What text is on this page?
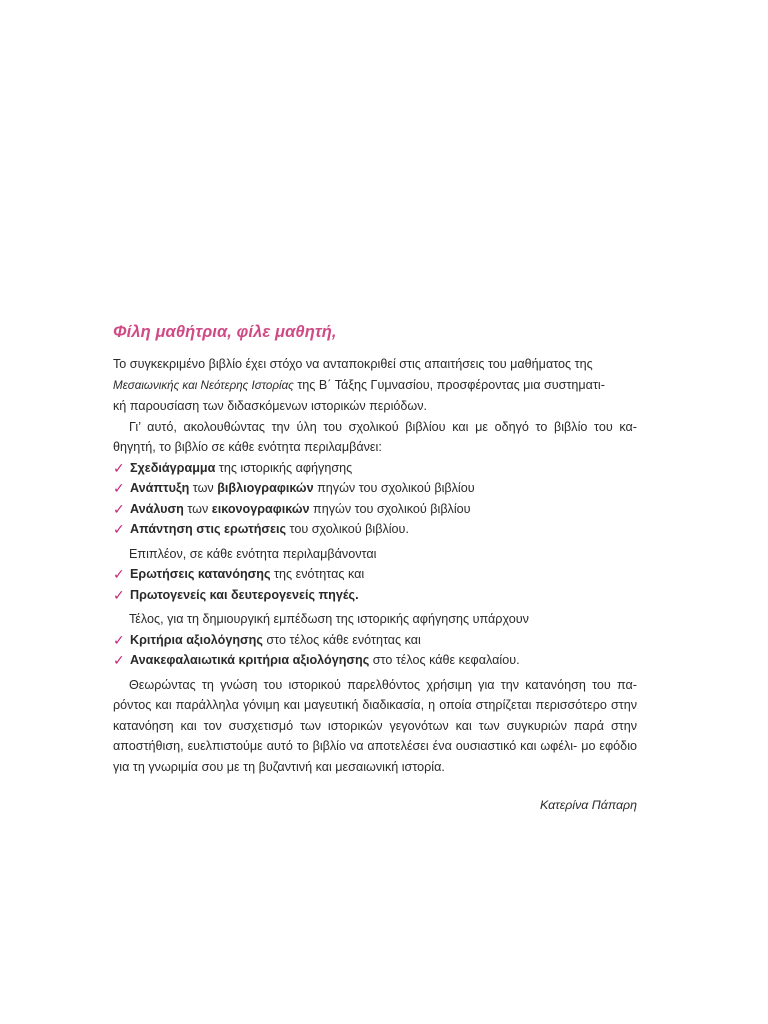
Φίλη μαθήτρια, φίλε μαθητή,

Το συγκεκριμένο βιβλίο έχει στόχο να ανταποκριθεί στις απαιτήσεις του μαθήματος της
Μεσαιωνικής και Νεότερης Ιστορίας της Β΄ Τάξης Γυμνασίου, προσφέροντας μια συστηματι-
κή παρουσίαση των διδασκόμενων ιστορικών περιόδων.

Γι’ αυτό, ακολουθώντας την ύλη του σχολικού βιβλίου και με οδηγό το βιβλίο του κα- θηγητή, το βιβλίο σε κάθε ενότητα περιλαμβάνει:

✓ Σχεδιάγραμμα της ιστορικής αφήγησης
✓ Ανάπτυξη των βιβλιογραφικών πηγών του σχολικού βιβλίου
✓ Ανάλυση των εικονογραφικών πηγών του σχολικού βιβλίου
✓ Απάντηση στις ερωτήσεις του σχολικού βιβλίου.

Επιπλέον, σε κάθε ενότητα περιλαμβάνονται

✓ Ερωτήσεις κατανόησης της ενότητας και
✓ Πρωτογενείς και δευτερογενείς πηγές.

Τέλος, για τη δημιουργική εμπέδωση της ιστορικής αφήγησης υπάρχουν

✓ Κριτήρια αξιολόγησης στο τέλος κάθε ενότητας και
✓ Ανακεφαλαιωτικά κριτήρια αξιολόγησης στο τέλος κάθε κεφαλαίου.

Θεωρώντας τη γνώση του ιστορικού παρελθόντος χρήσιμη για την κατανόηση του πα- ρόντος και παράλληλα γόνιμη και μαγευτική διαδικασία, η οποία στηρίζεται περισσότερο στην κατανόηση και τον συσχετισμό των ιστορικών γεγονότων και των συγκυριών παρά στην αποστήθιση, ευελπιστούμε αυτό το βιβλίο να αποτελέσει ένα ουσιαστικό και ωφέλι- μο εφόδιο για τη γνωριμία σου με τη βυζαντινή και μεσαιωνική ιστορία.

Κατερίνα Πάπαρη
